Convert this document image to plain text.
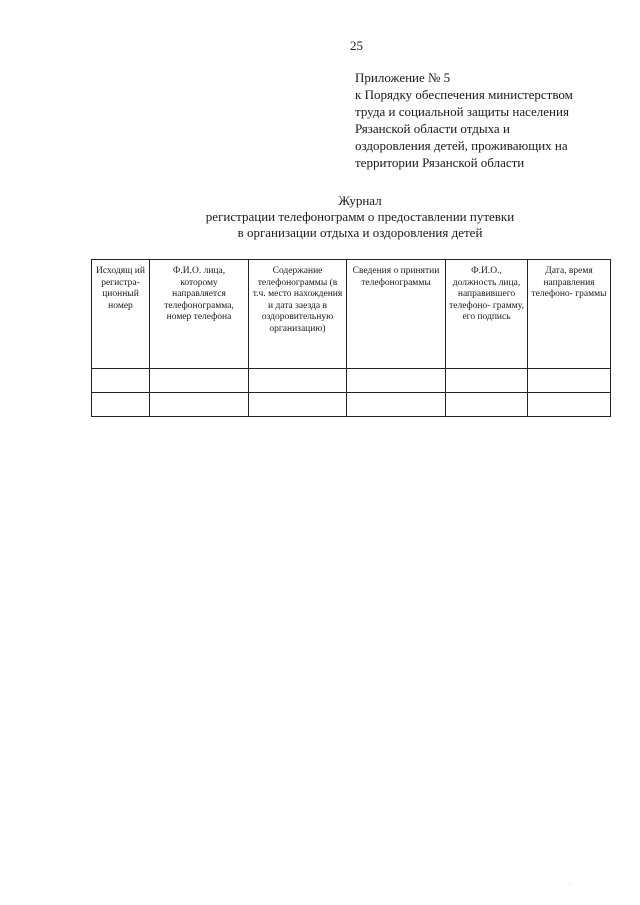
25
Приложение № 5
к Порядку обеспечения министерством
труда и социальной защиты населения
Рязанской области отдыха и
оздоровления детей, проживающих на
территории Рязанской области
Журнал
регистрации телефонограмм о предоставлении путевки
в организации отдыха и оздоровления детей
Исходящ ий регистра- ционный номер	Ф.И.О. лица, которому направляется телефонограмма, номер телефона	Содержание телефонограммы (в т.ч. место нахождения и дата заезда в оздоровительную организацию)	Сведения о принятии телефонограммы	Ф.И.О., должность лица, направившего телефоно- грамму, его подпись	Дата, время направления телефоно- граммы

·
